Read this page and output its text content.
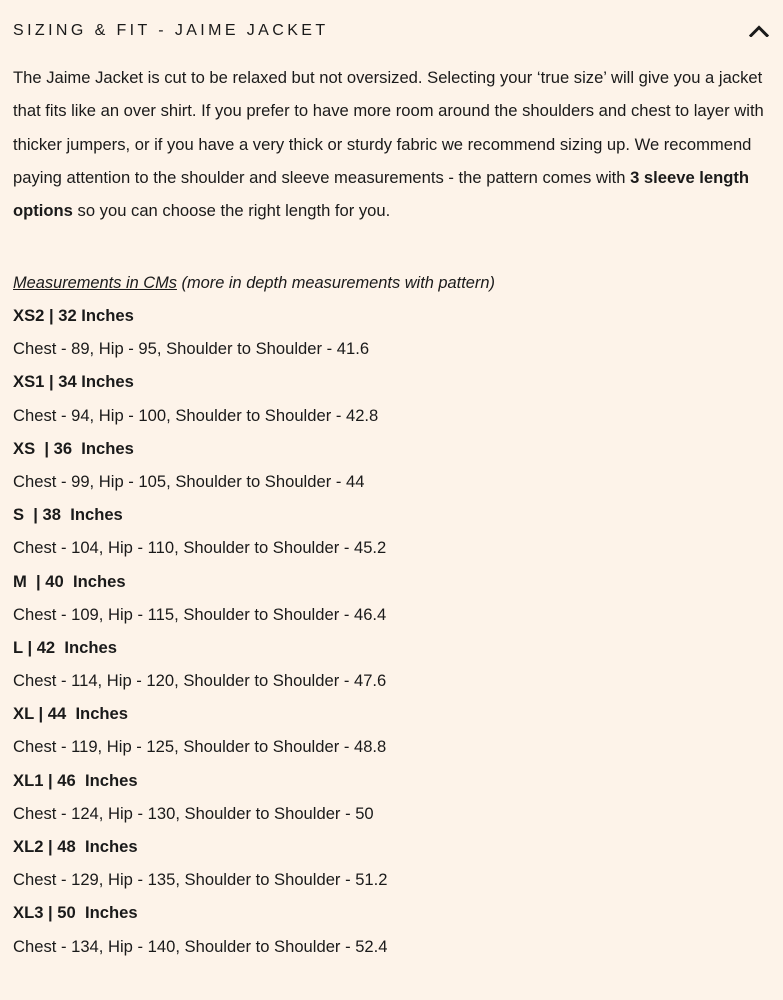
SIZING & FIT - JAIME JACKET
The Jaime Jacket is cut to be relaxed but not oversized. Selecting your ‘true size’ will give you a jacket that fits like an over shirt. If you prefer to have more room around the shoulders and chest to layer with thicker jumpers, or if you have a very thick or sturdy fabric we recommend sizing up. We recommend paying attention to the shoulder and sleeve measurements - the pattern comes with 3 sleeve length options so you can choose the right length for you.
Measurements in CMs (more in depth measurements with pattern)
XS2 | 32 Inches
Chest - 89, Hip - 95, Shoulder to Shoulder - 41.6
XS1 | 34 Inches
Chest - 94, Hip - 100, Shoulder to Shoulder - 42.8
XS  | 36  Inches
Chest - 99, Hip - 105, Shoulder to Shoulder - 44
S  | 38  Inches
Chest - 104, Hip - 110, Shoulder to Shoulder - 45.2
M  | 40  Inches
Chest - 109, Hip - 115, Shoulder to Shoulder - 46.4
L | 42  Inches
Chest - 114, Hip - 120, Shoulder to Shoulder - 47.6
XL | 44  Inches
Chest - 119, Hip - 125, Shoulder to Shoulder - 48.8
XL1 | 46  Inches
Chest - 124, Hip - 130, Shoulder to Shoulder - 50
XL2 | 48  Inches
Chest - 129, Hip - 135, Shoulder to Shoulder - 51.2
XL3 | 50  Inches
Chest - 134, Hip - 140, Shoulder to Shoulder - 52.4
